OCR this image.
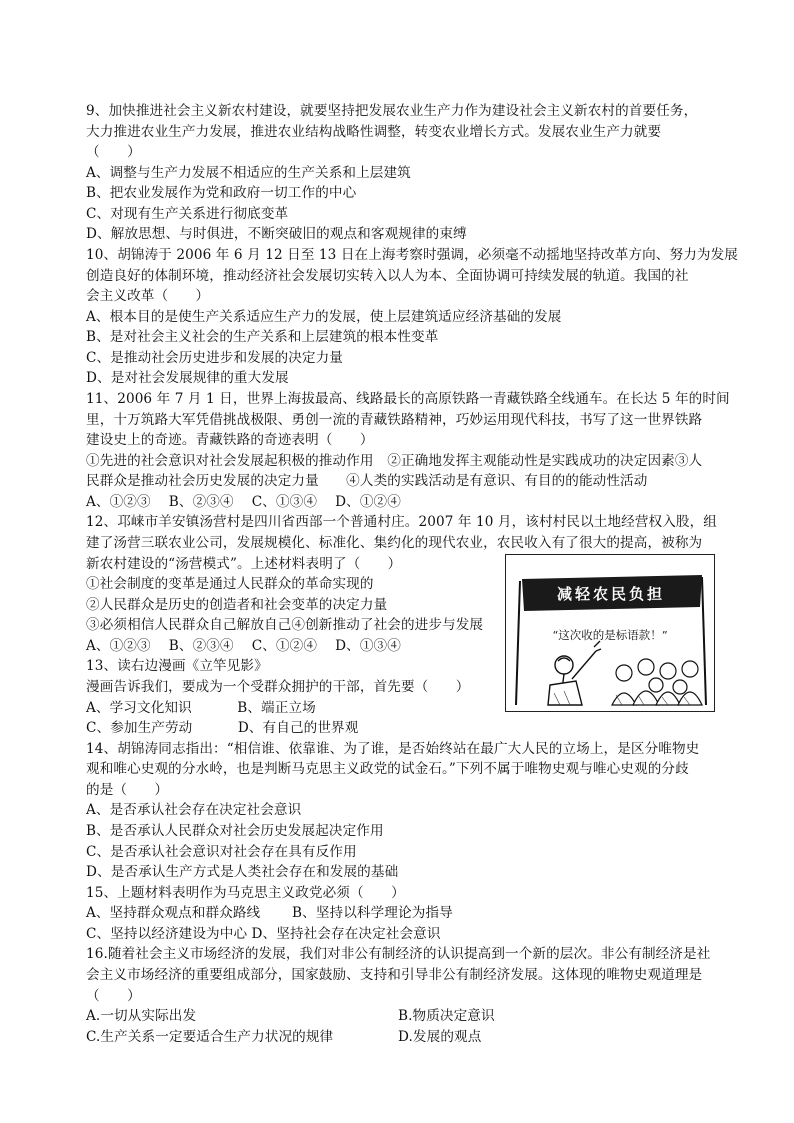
9、加快推进社会主义新农村建设，就要坚持把发展农业生产力作为建设社会主义新农村的首要任务，
大力推进农业生产力发展，推进农业结构战略性调整，转变农业增长方式。发展农业生产力就要
（　　）
A、调整与生产力发展不相适应的生产关系和上层建筑
B、把农业发展作为党和政府一切工作的中心
C、对现有生产关系进行彻底变革
D、解放思想、与时俱进，不断突破旧的观点和客观规律的束缚
10、胡锦涛于 2006 年 6 月 12 日至 13 日在上海考察时强调，必须毫不动摇地坚持改革方向、努力为发展
创造良好的体制环境，推动经济社会发展切实转入以人为本、全面协调可持续发展的轨道。我国的社
会主义改革（　　）
A、根本目的是使生产关系适应生产力的发展，使上层建筑适应经济基础的发展
B、是对社会主义社会的生产关系和上层建筑的根本性变革
C、是推动社会历史进步和发展的决定力量
D、是对社会发展规律的重大发展
11、2006 年 7 月 1 日，世界上海拔最高、线路最长的高原铁路一青藏铁路全线通车。在长达 5 年的时间
里，十万筑路大军凭借挑战极限、勇创一流的青藏铁路精神，巧妙运用现代科技，书写了这一世界铁路
建设史上的奇迹。青藏铁路的奇迹表明（　　）
①先进的社会意识对社会发展起积极的推动作用　②正确地发挥主观能动性是实践成功的决定因素③人
民群众是推动社会历史发展的决定力量　　④人类的实践活动是有意识、有目的的能动性活动
A、①②③　 B、②③④　 C、①③④　 D、①②④
12、邛崃市羊安镇汤营村是四川省西部一个普通村庄。2007 年 10 月，该村村民以土地经营权入股，组
建了汤营三联农业公司，发展规模化、标准化、集约化的现代农业，农民收入有了很大的提高，被称为
新农村建设的“汤营模式”。上述材料表明了（　　）
①社会制度的变革是通过人民群众的革命实现的
②人民群众是历史的创造者和社会变革的决定力量
③必须相信人民群众自己解放自己④创新推动了社会的进步与发展
A、①②③　 B、②③④　 C、①②④　 D、①③④
13、读右边漫画《立竿见影》
漫画告诉我们，要成为一个受群众拥护的干部，首先要（　　）
A、学习文化知识　　　 B、端正立场
C、参加生产劳动　　　 D、有自己的世界观
14、胡锦涛同志指出：“相信谁、依靠谁、为了谁，是否始终站在最广大人民的立场上，是区分唯物史
观和唯心史观的分水岭，也是判断马克思主义政党的试金石。”下列不属于唯物史观与唯心史观的分歧
的是（　　）
A、是否承认社会存在决定社会意识
B、是否承认人民群众对社会历史发展起决定作用
C、是否承认社会意识对社会存在具有反作用
D、是否承认生产方式是人类社会存在和发展的基础
15、上题材料表明作为马克思主义政党必须（　　）
A、坚持群众观点和群众路线　　 B、坚持以科学理论为指导
C、坚持以经济建设为中心 D、坚持社会存在决定社会意识
16.随着社会主义市场经济的发展，我们对非公有制经济的认识提高到一个新的层次。非公有制经济是社
会主义市场经济的重要组成部分，国家鼓励、支持和引导非公有制经济发展。这体现的唯物史观道理是
（　　）
A.一切从实际出发	B.物质决定意识
C.生产关系一定要适合生产力状况的规律	D.发展的观点
减轻农民负担
“这次收的是标语款！”
